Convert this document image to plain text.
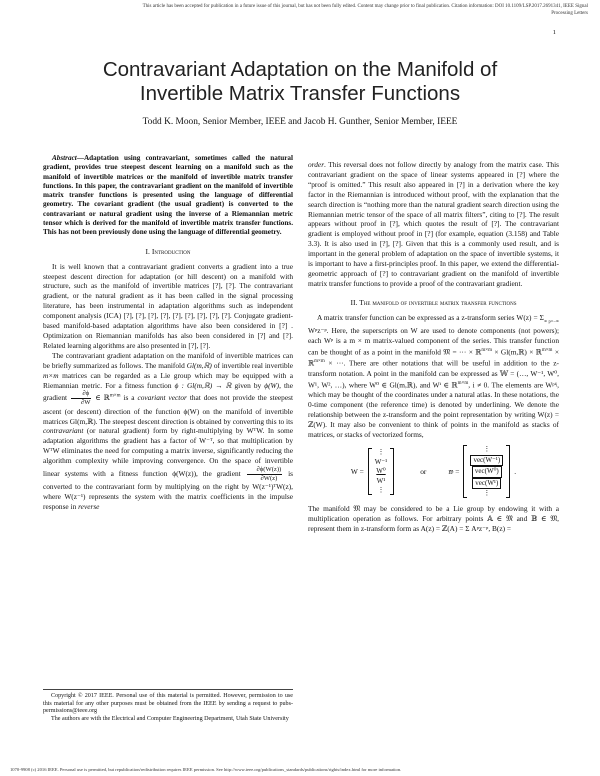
This article has been accepted for publication in a future issue of this journal, but has not been fully edited. Content may change prior to final publication. Citation information: DOI 10.1109/LSP.2017.2691341, IEEE Signal
Processing Letters
1
Contravariant Adaptation on the Manifold of
Invertible Matrix Transfer Functions
Todd K. Moon, Senior Member, IEEE and Jacob H. Gunther, Senior Member, IEEE

Abstract—Adaptation using contravariant, sometimes called the natural gradient, provides true steepest descent learning on a manifold such as the manifold of invertible matrices or the manifold of invertible matrix transfer functions. In this paper, the contravariant gradient on the manifold of invertible matrix transfer functions is presented using the language of differential geometry. The covariant gradient (the usual gradient) is converted to the contravariant or natural gradient using the inverse of a Riemannian metric tensor which is derived for the manifold of invertible matrix transfer functions. This has not been previously done using the language of differential geometry.

I. Introduction

It is well known that a contravariant gradient converts a gradient into a true steepest descent direction for adaptation (or hill descent) on a manifold with structure, such as the manifold of invertible matrices [?], [?]. The contravariant gradient, or the natural gradient as it has been called in the signal processing literature, has been instrumental in adaptation algorithms such as independent component analysis (ICA) [?], [?], [?], [?], [?], [?], [?], [?], [?]. Conjugate gradient-based manifold-based adaptation algorithms have also been considered in [?] . Optimization on Riemannian manifolds has also been considered in [?] and [?]. Related learning algorithms are also presented in [?], [?].

The contravariant gradient adaptation on the manifold of invertible matrices can be briefly summarized as follows. The manifold Gl(m,ℝ) of invertible real invertible m×m matrices can be regarded as a Lie group which may be equipped with a Riemannian metric. For a fitness function ϕ : Gl(m,ℝ) → ℝ given by ϕ(W), the gradient $\frac{\partial\phi}{\partial W}$ ∈ ℝ$^{m\times m}$ is a covariant vector that does not provide the steepest ascent (or descent) direction of the function ϕ(W) on the manifold of invertible matrices Gl(m,ℝ). The steepest descent direction is obtained by converting this to its contravariant (or natural gradient) form by right-multiplying by WᵀW. In some adaptation algorithms the gradient has a factor of W⁻ᵀ, so that multiplication by WᵀW eliminates the need for computing a matrix inverse, significantly reducing the algorithm complexity while improving convergence. On the space of invertible linear systems with a fitness function ϕ(W(z)), the gradient $\frac{\partial\phi(W(z))}{\partial W(z)}$ is converted to the contravariant form by multiplying on the right by W(z⁻¹)ᵀW(z), where W(z⁻¹) represents the system with the matrix coefficients in the impulse response in reverse

order. This reversal does not follow directly by analogy from the matrix case. This contravariant gradient on the space of linear systems appeared in [?] where the “proof is omitted.” This result also appeared in [?] in a derivation where the key factor in the Riemannian is introduced without proof, with the explanation that the search direction is “nothing more than the natural gradient search direction using the Riemannian metric tensor of the space of all matrix filters”, citing to [?]. The result appears without proof in [?], which quotes the result of [?]. The contravariant gradient is employed without proof in [?] (for example, equation (3.158) and Table 3.3). It is also used in [?], [?]. Given that this is a commonly used result, and is important in the general problem of adaptation on the space of invertible systems, it is important to have a first-principles proof. In this paper, we extend the differential-geometric approach of [?] to contravariant gradient on the manifold of invertible matrix transfer functions to provide a proof of the contravariant gradient.

II. The manifold of invertible matrix transfer functions

A matrix transfer function can be expressed as a z-transform series $W(z) = \Sigma_{\infty p=-\infty}$ Wᵖz⁻ᵖ. Here, the superscripts on W are used to denote components (not powers); each Wᵖ is a m × m matrix-valued component of the series. This transfer function can be thought of as a point in the manifold 𝔐 = ··· × ℝ$^{m\times m}$ × Gl(m,ℝ) × ℝ$^{m\times m}$ × ℝ$^{m\times m}$ × ···. There are other notations that will be useful in addition to the z-transform notation. A point in the manifold can be expressed as 𝕎 = (…, W⁻¹, W⁰, W¹, W², …), where W⁰ ∈ Gl(m,ℝ), and Wⁱ ∈ ℝ$^{m\times m}$, i ≠ 0. The elements are Wᵖⁱʲ, which may be thought of the coordinates under a natural atlas. In these notations, the 0-time component (the reference time) is denoted by underlining. We denote the relationship between the z-transform and the point representation by writing W(z) = ℤ(W). It may also be convenient to think of points in the manifold as stacks of matrices, or stacks of vectorized forms,

W =
⋮
W⁻¹
W⁰
W¹
⋮
or	𝔴 =
⋮
vec(W⁻¹)
vec(W⁰)
vec(W¹)
⋮
.

The manifold 𝔐 may be considered to be a Lie group by endowing it with a multiplication operation as follows. For arbitrary points 𝔸 ∈ 𝔐 and 𝔹 ∈ 𝔐, represent them in z-transform form as A(z) = ℤ(A) = Σ Aᵖz⁻ᵖ, B(z) =

Copyright © 2017 IEEE. Personal use of this material is permitted. However, permission to use this material for any other purposes must be obtained from the IEEE by sending a request to pubs-permissions@ieee.org

The authors are with the Electrical and Computer Engineering Department, Utah State University

1070-9908 (c) 2016 IEEE. Personal use is permitted, but republication/redistribution requires IEEE permission. See http://www.ieee.org/publications_standards/publications/rights/index.html for more information.
